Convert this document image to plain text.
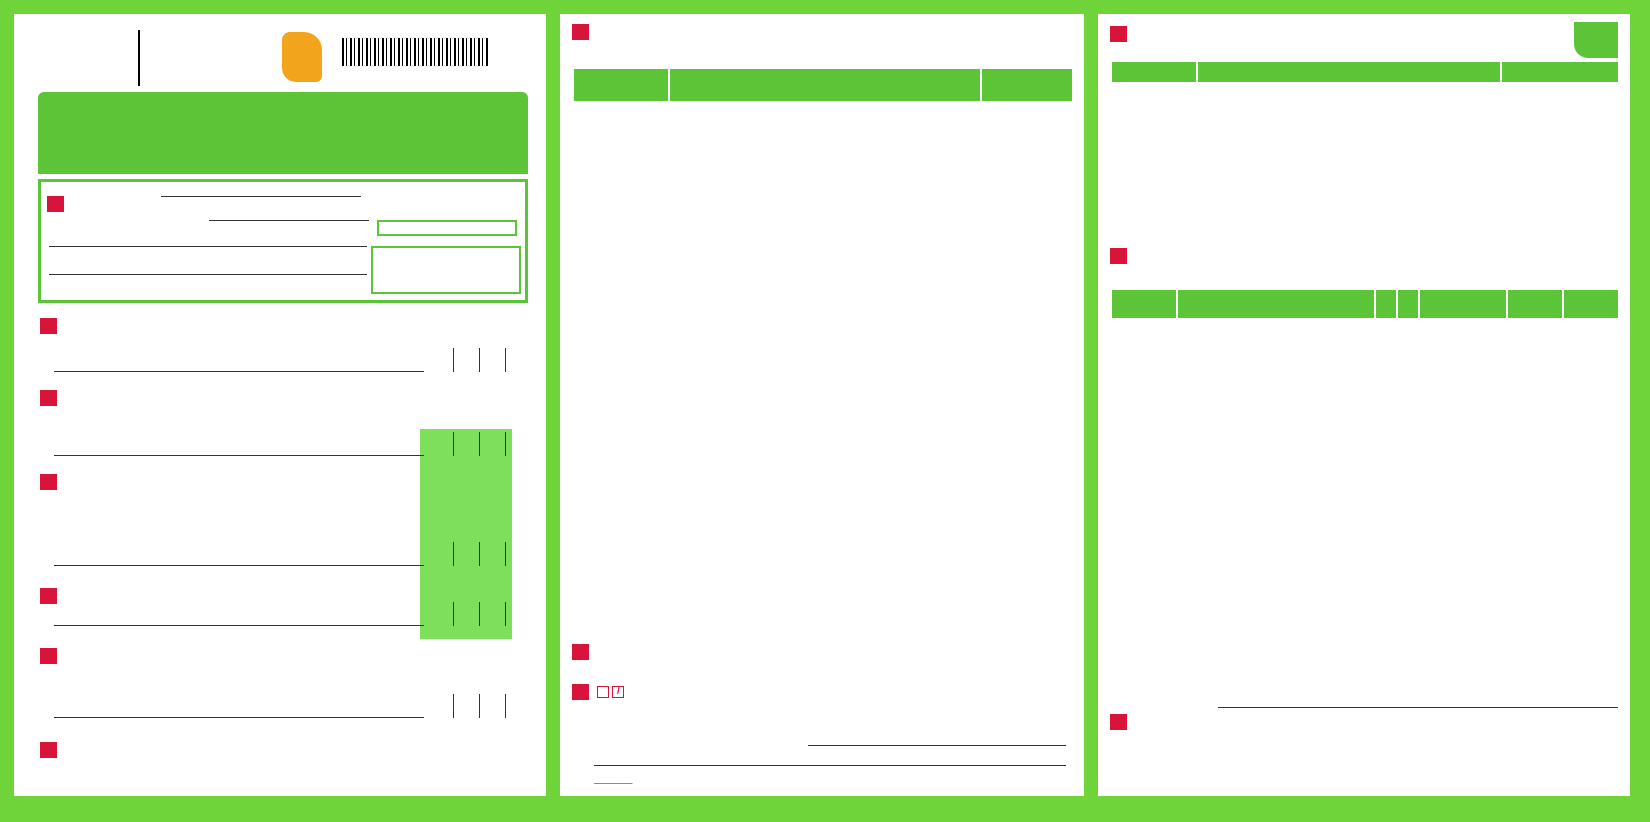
/
______
